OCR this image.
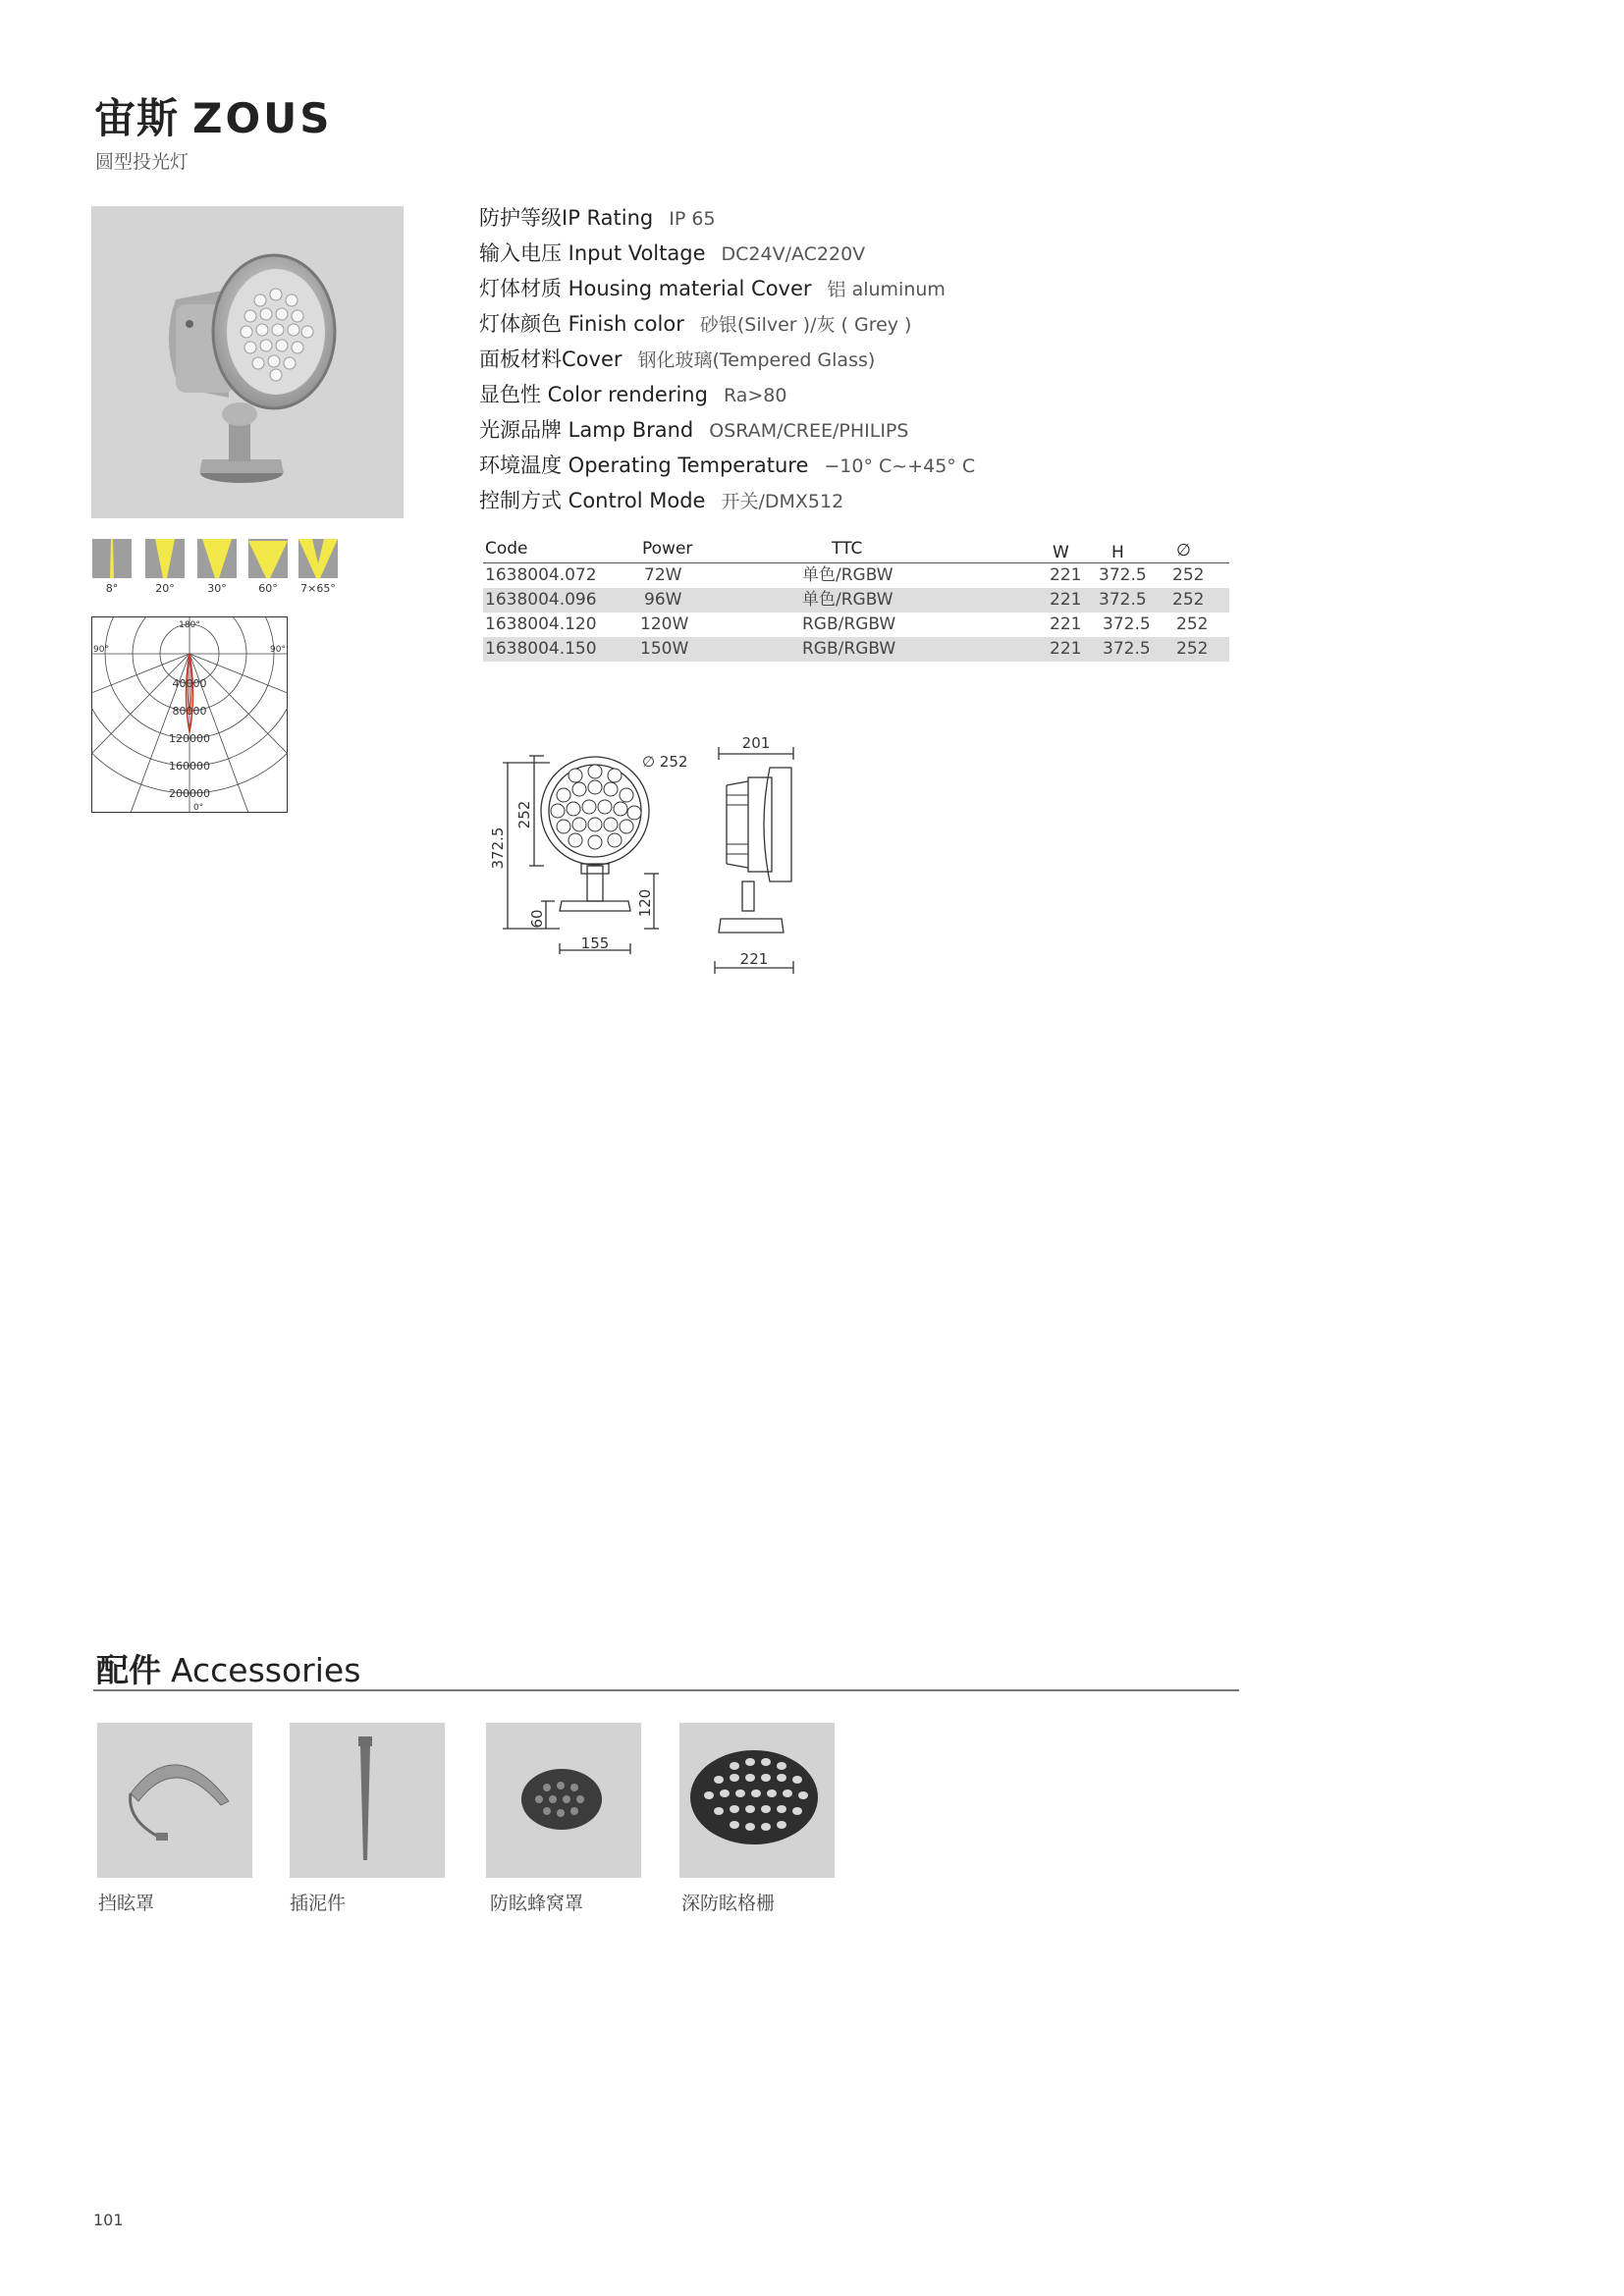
宙斯 ZOUS
圆型投光灯
8°	20°	30°	60°	7×65°
180°
90°	90°
0°
40000
80000
120000
160000
200000
防护等级IP Rating IP 65
输入电压 Input Voltage DC24V/AC220V
灯体材质 Housing material Cover 铝 aluminum
灯体颜色 Finish color 砂银(Silver )/灰 ( Grey )
面板材料Cover 钢化玻璃(Tempered Glass)
显色性 Color rendering Ra>80
光源品牌 Lamp Brand OSRAM/CREE/PHILIPS
环境温度 Operating Temperature −10° C~+45° C
控制方式 Control Mode 开关/DMX512
Code	Power	TTC	W	H	∅
1638004.072	72W	单色/RGBW	221 372.5 252
1638004.096	96W	单色/RGBW	221 372.5 252
1638004.120	120W	RGB/RGBW	221 372.5 252
1638004.150	150W	RGB/RGBW	221 372.5 252
∅ 252
372.5
252
60
120
155
201
221
配件 Accessories
挡眩罩	插泥件	防眩蜂窝罩	深防眩格栅
101
